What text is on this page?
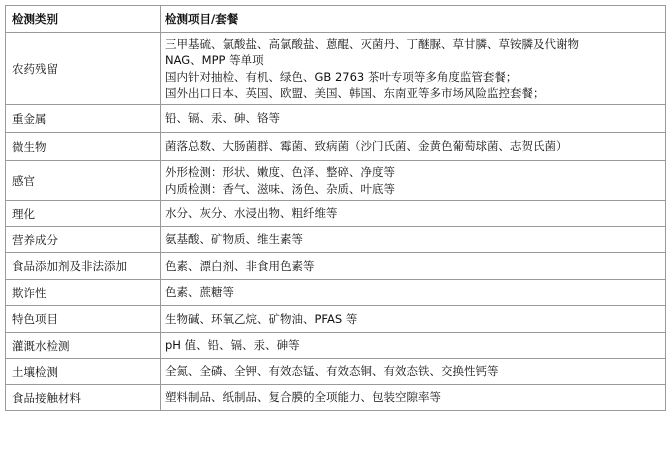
检测类别	检测项目/套餐
农药残留	三甲基硫、氯酸盐、高氯酸盐、蒽醌、灭菌丹、丁醚脲、草甘膦、草铵膦及代谢物
NAG、MPP 等单项
国内针对抽检、有机、绿色、GB 2763 茶叶专项等多角度监管套餐；
国外出口日本、英国、欧盟、美国、韩国、东南亚等多市场风险监控套餐；

重金属	铅、镉、汞、砷、铬等

微生物	菌落总数、大肠菌群、霉菌、致病菌（沙门氏菌、金黄色葡萄球菌、志贺氏菌）

感官	外形检测：形状、嫩度、色泽、整碎、净度等
内质检测：香气、滋味、汤色、杂质、叶底等

理化	水分、灰分、水浸出物、粗纤维等

营养成分	氨基酸、矿物质、维生素等

食品添加剂及非法添加	色素、漂白剂、非食用色素等

欺诈性	色素、蔗糖等

特色项目	生物碱、环氧乙烷、矿物油、PFAS 等

灌溉水检测	pH 值、铅、镉、汞、砷等

土壤检测	全氮、全磷、全钾、有效态锰、有效态铜、有效态铁、交换性钙等

食品接触材料	塑料制品、纸制品、复合膜的全项能力、包装空隙率等
